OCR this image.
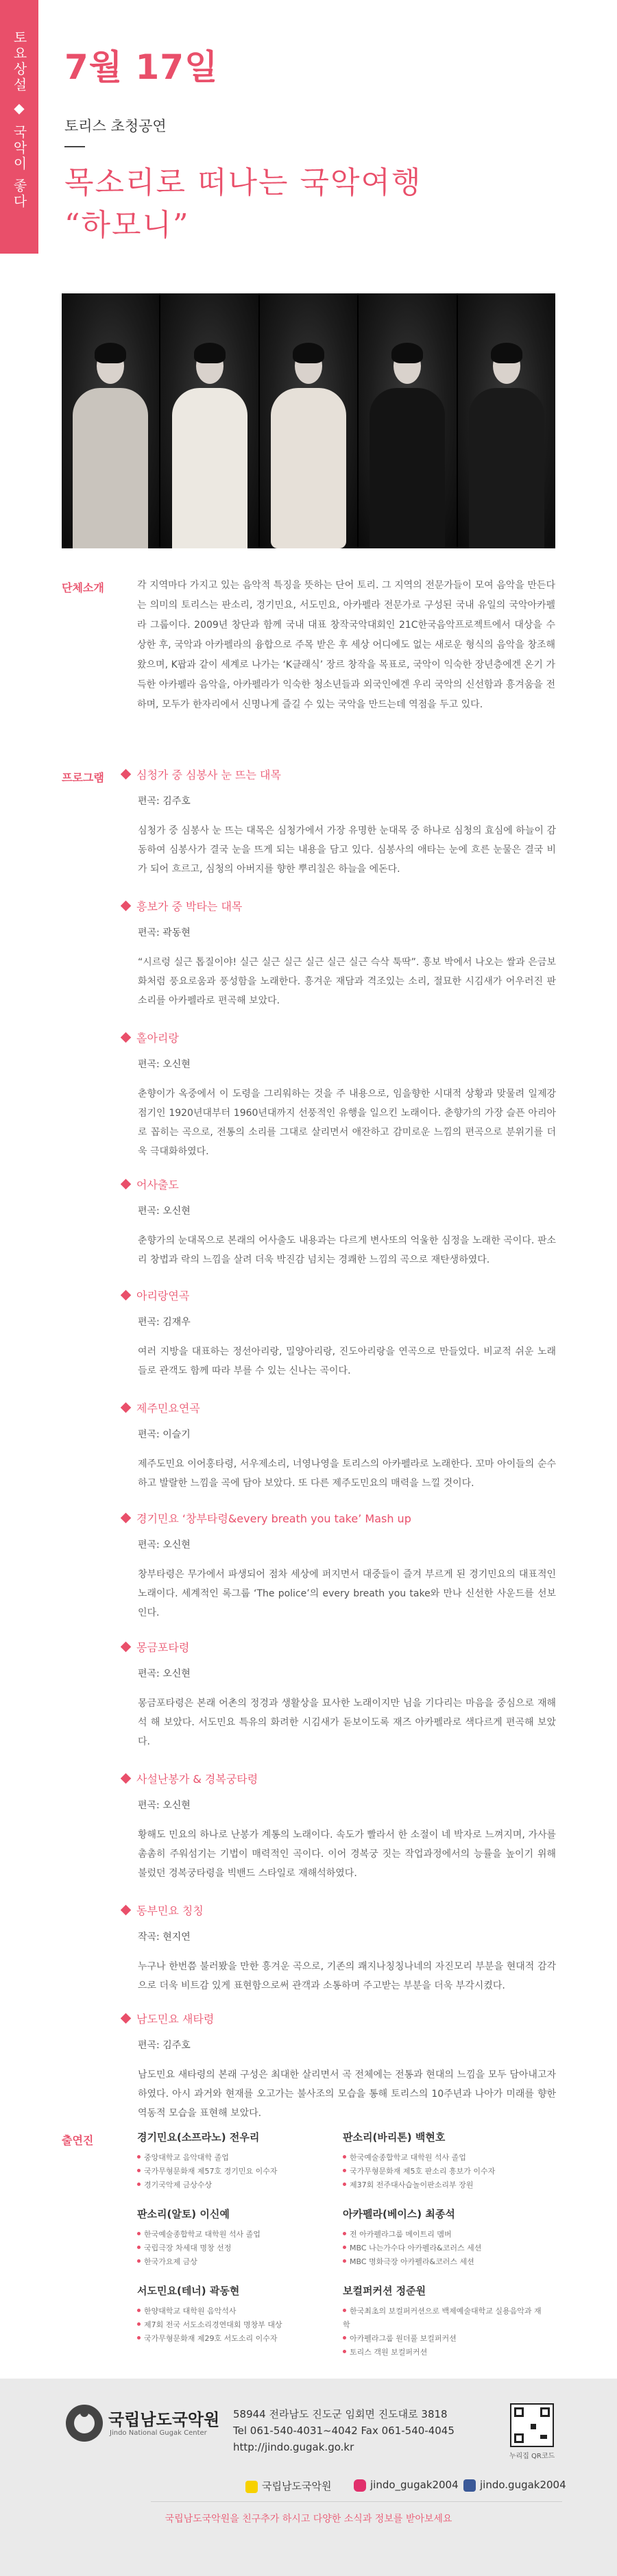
토요상설 ◆ 국악이 좋다
7월 17일
토리스 초청공연
목소리로 떠나는 국악여행
“하모니”
단체소개	각 지역마다 가지고 있는 음악적 특징을 뜻하는 단어 토리. 그 지역의 전문가들이 모여 음악을 만든다는 의미의 토리스는 판소리, 경기민요, 서도민요, 아카펠라 전문가로 구성된 국내 유일의 국악아카펠라 그룹이다. 2009년 창단과 함께 국내 대표 창작국악대회인 21C한국음악프로젝트에서 대상을 수상한 후, 국악과 아카펠라의 융합으로 주목 받은 후 세상 어디에도 없는 새로운 형식의 음악을 창조해 왔으며, K팝과 같이 세계로 나가는 ‘K클래식’ 장르 창작을 목표로, 국악이 익숙한 장년층에겐 온기 가득한 아카펠라 음악을, 아카펠라가 익숙한 청소년들과 외국인에겐 우리 국악의 신선함과 흥겨움을 전하며, 모두가 한자리에서 신명나게 즐길 수 있는 국악을 만드는데 역점을 두고 있다.
프로그램	심청가 중 심봉사 눈 뜨는 대목
편곡: 김주호
심청가 중 심봉사 눈 뜨는 대목은 심청가에서 가장 유명한 눈대목 중 하나로 심청의 효심에 하늘이 감동하여 심봉사가 결국 눈을 뜨게 되는 내용을 담고 있다. 심봉사의 애타는 눈에 흐른 눈물은 결국 비가 되어 흐르고, 심청의 아버지를 향한 뿌리칠은 하늘을 에돈다.
흥보가 중 박타는 대목
편곡: 곽동현
“시르렁 실근 톱질이야! 실근 실근 실근 실근 실근 실근 슥삭 툭딱”. 흥보 박에서 나오는 쌀과 은금보화처럼 풍요로움과 풍성함을 노래한다. 흥겨운 재담과 격조있는 소리, 절묘한 시김새가 어우러진 판소리를 아카펠라로 편곡해 보았다.
홀아리랑
편곡: 오신현
춘향이가 옥중에서 이 도령을 그리워하는 것을 주 내용으로, 임을향한 시대적 상황과 맞물려 일제강점기인 1920년대부터 1960년대까지 선풍적인 유행을 일으킨 노래이다. 춘향가의 가장 슬픈 아리아로 꼽히는 곡으로, 전통의 소리를 그대로 살리면서 애잔하고 감미로운 느낌의 편곡으로 분위기를 더욱 극대화하였다.
어사출도
편곡: 오신현
춘향가의 눈대목으로 본래의 어사출도 내용과는 다르게 변사또의 억울한 심정을 노래한 곡이다. 판소리 창법과 락의 느낌을 살려 더욱 박진감 넘치는 경쾌한 느낌의 곡으로 재탄생하였다.
아리랑연곡
편곡: 김재우
여러 지방을 대표하는 정선아리랑, 밀양아리랑, 진도아리랑을 연곡으로 만들었다. 비교적 쉬운 노래들로 관객도 함께 따라 부를 수 있는 신나는 곡이다.
제주민요연곡
편곡: 이슬기
제주도민요 이어홍타령, 서우제소리, 너영나영을 토리스의 아카펠라로 노래한다. 꼬마 아이들의 순수하고 발랄한 느낌을 곡에 담아 보았다. 또 다른 제주도민요의 매력을 느낄 것이다.
경기민요 ‘창부타령&every breath you take’ Mash up
편곡: 오신현
창부타령은 무가에서 파생되어 점차 세상에 퍼지면서 대중들이 즐겨 부르게 된 경기민요의 대표적인 노래이다. 세계적인 록그룹 ‘The police’의 every breath you take와 만나 신선한 사운드를 선보인다.
몽금포타령
편곡: 오신현
몽금포타령은 본래 어촌의 정경과 생활상을 묘사한 노래이지만 님을 기다리는 마음을 중심으로 재해석 해 보았다. 서도민요 특유의 화려한 시김새가 돋보이도록 재즈 아카펠라로 색다르게 편곡해 보았다.
사설난봉가 & 경복궁타령
편곡: 오신현
황해도 민요의 하나로 난봉가 계통의 노래이다. 속도가 빨라서 한 소절이 네 박자로 느껴지며, 가사를 촘촘히 주워섬기는 기법이 매력적인 곡이다. 이어 경복궁 짓는 작업과정에서의 능률을 높이기 위해 불렀던 경복궁타령을 빅밴드 스타일로 재해석하였다.
동부민요 칭칭
작곡: 현지연
누구나 한번쯤 불러봤을 만한 흥겨운 곡으로, 기존의 쾌지나칭칭나네의 자진모리 부분을 현대적 감각으로 더욱 비트감 있게 표현함으로써 관객과 소통하며 주고받는 부분을 더욱 부각시켰다.
남도민요 새타령
편곡: 김주호
남도민요 새타령의 본래 구성은 최대한 살리면서 곡 전체에는 전통과 현대의 느낌을 모두 담아내고자 하였다. 아시 과거와 현재를 오고가는 불사조의 모습을 통해 토리스의 10주년과 나아가 미래를 향한 역동적 모습을 표현해 보았다.
출연진	경기민요(소프라노) 전우리
중앙대학교 음악대학 졸업
국가무형문화재 제57호 경기민요 이수자
경기국악제 금상수상
판소리(바리톤) 백현호
한국예술종합학교 대학원 석사 졸업
국가무형문화재 제5호 판소리 흥보가 이수자
제37회 전주대사습놀이판소리부 장원
판소리(알토) 이신예
한국예술종합학교 대학원 석사 졸업
국립극장 차세대 명창 선정
한국가요제 금상
아카펠라(베이스) 최종석
전 아카펠라그룹 메이트리 멤버
MBC 나는가수다 아카펠라&코러스 세션
MBC 명화극장 아카펠라&코러스 세션
서도민요(테너) 곽동현
한양대학교 대학원 음악석사
제7회 전국 서도소리경연대회 명창부 대상
국가무형문화재 제29호 서도소리 이수자
보컬퍼커션 정준원
한국최초의 보컬퍼커션으로 백제예술대학교 실용음악과 재학
아카펠라그룹 원더풀 보컬퍼커션
토리스 객원 보컬퍼커션
국립남도국악원
Jindo National Gugak Center
58944 전라남도 진도군 임회면 진도대로 3818
Tel 061-540-4031~4042 Fax 061-540-4045
http://jindo.gugak.go.kr
누리집 QR코드
국립남도국악원	jindo_gugak2004	jindo.gugak2004
국립남도국악원을 친구추가 하시고 다양한 소식과 정보를 받아보세요
